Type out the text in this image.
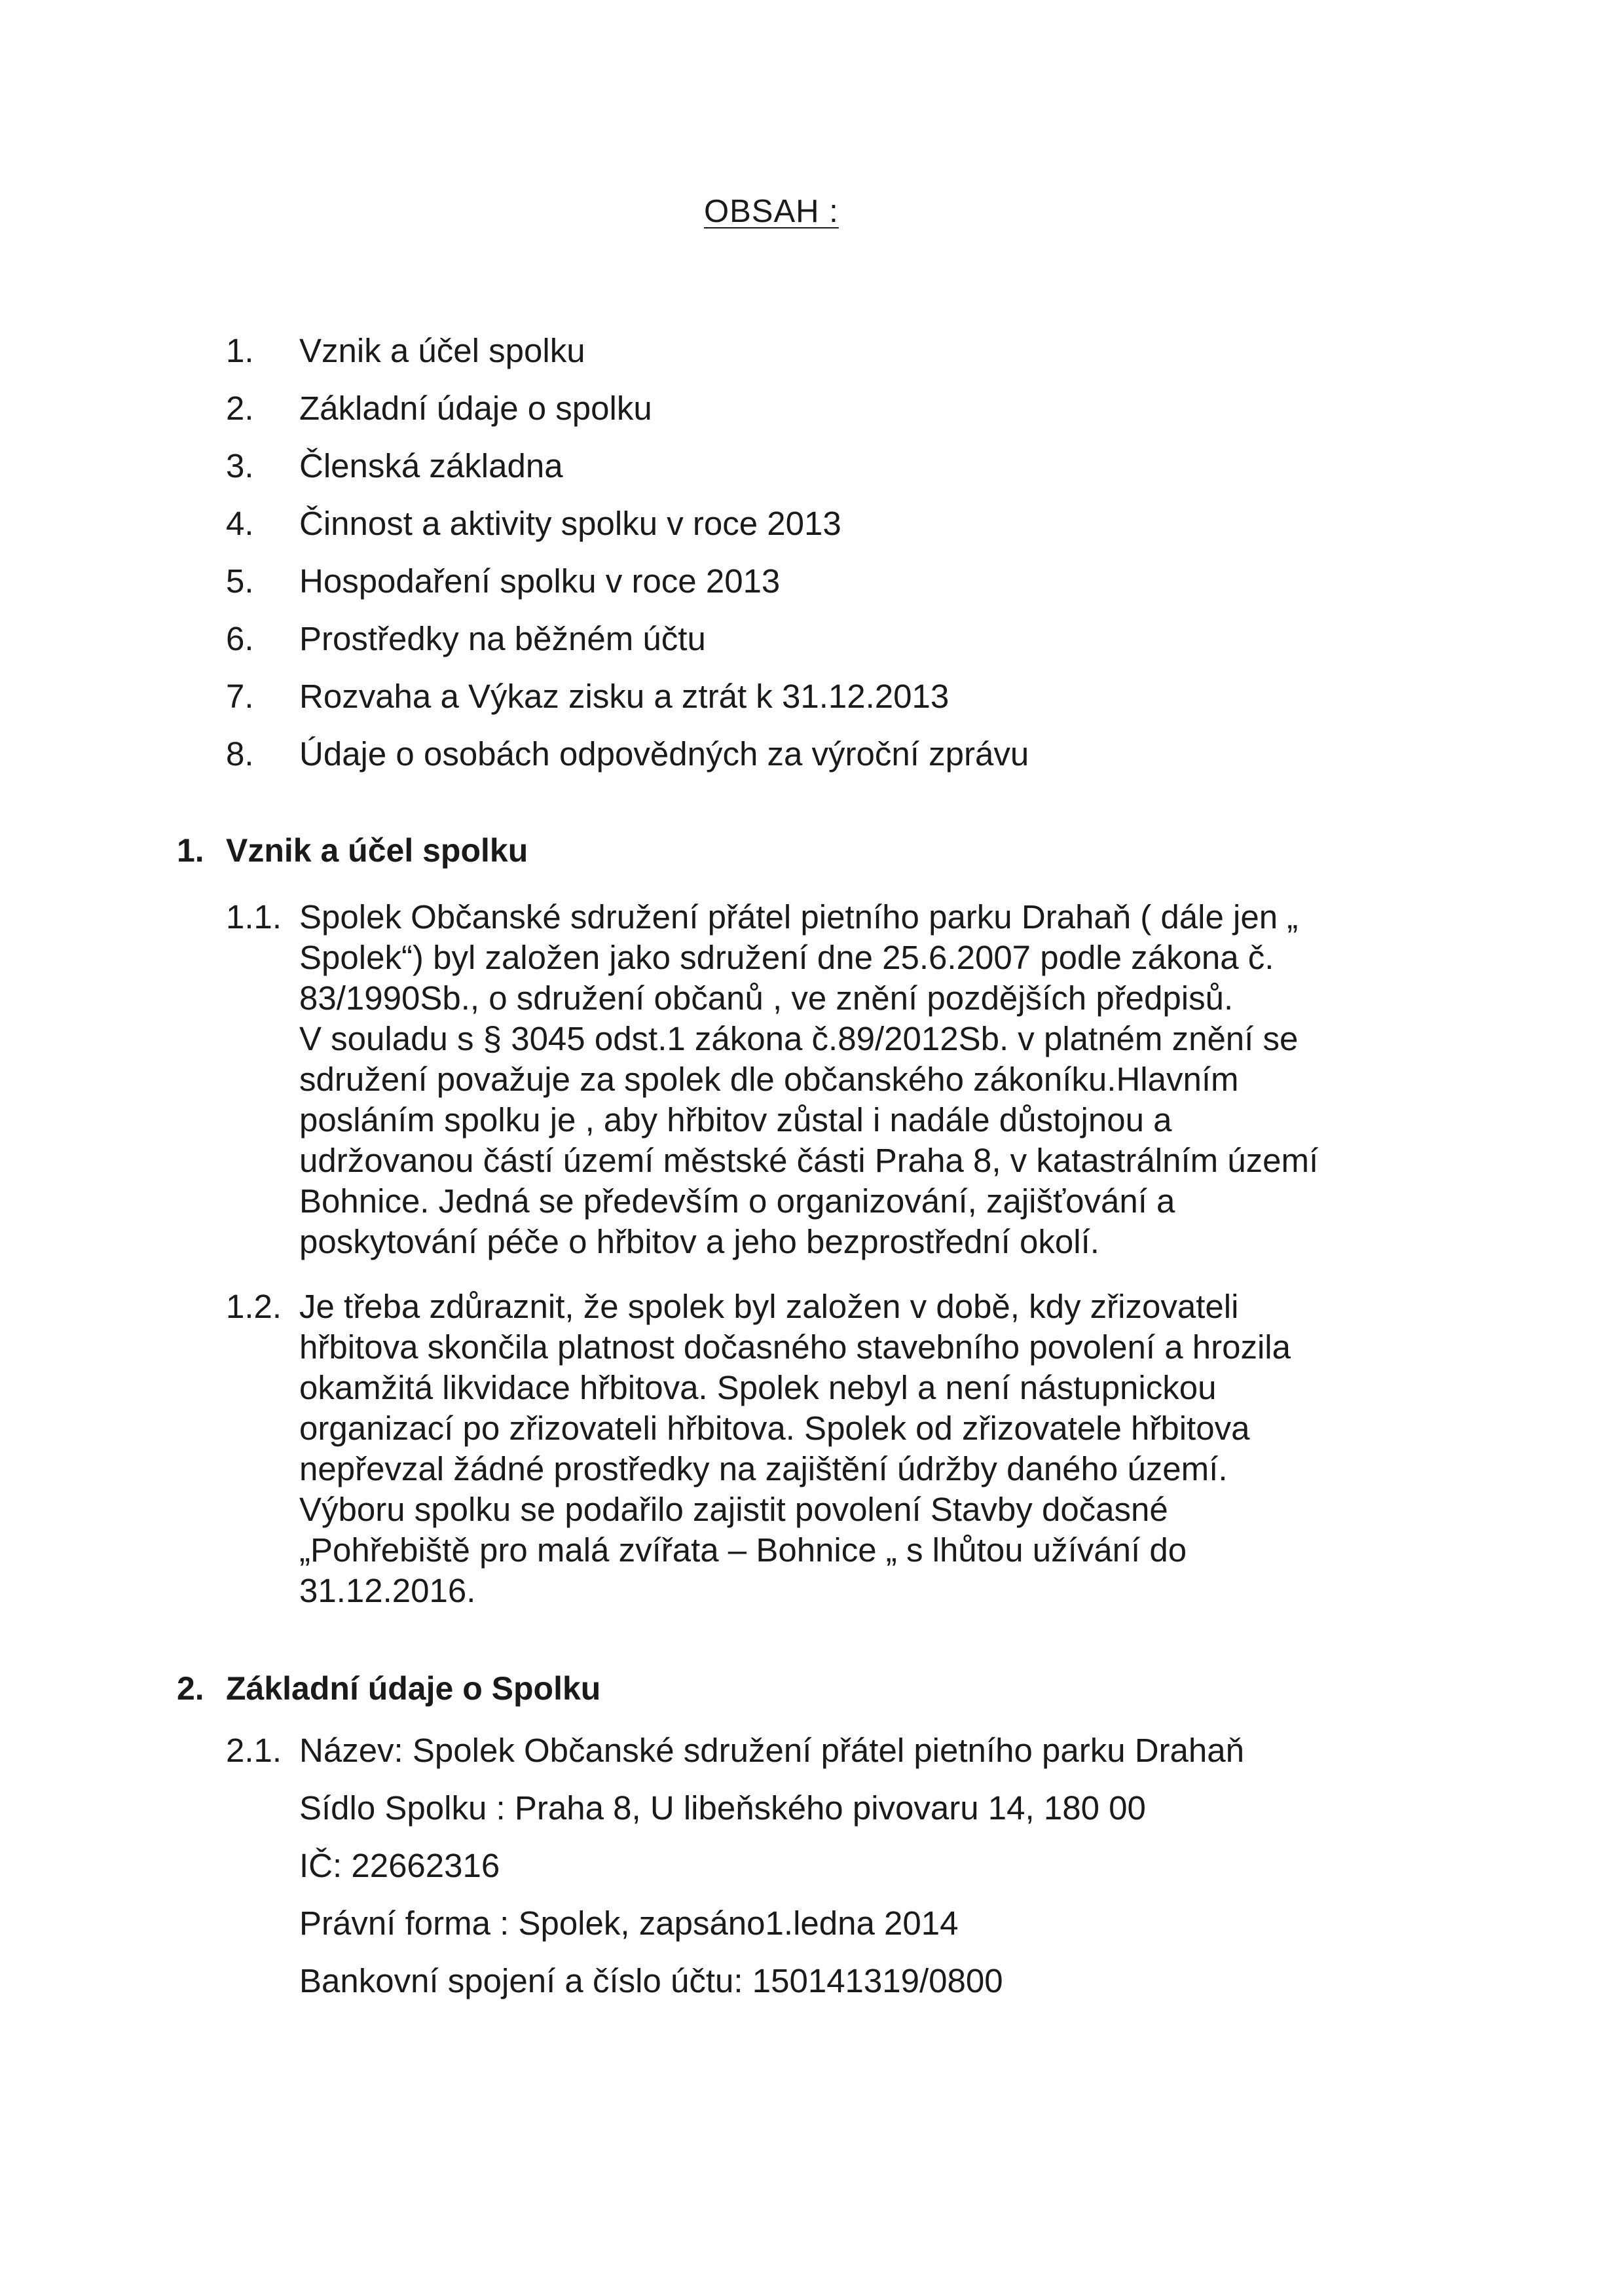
OBSAH :
1. Vznik a účel spolku
2. Základní údaje o spolku
3. Členská základna
4. Činnost a aktivity spolku v roce 2013
5. Hospodaření spolku v roce 2013
6. Prostředky na běžném účtu
7. Rozvaha a Výkaz zisku a ztrát k 31.12.2013
8. Údaje o osobách odpovědných za výroční zprávu
1. Vznik a účel spolku
1.1. Spolek Občanské sdružení přátel pietního parku Drahaň ( dále jen „
Spolek“) byl založen jako sdružení dne 25.6.2007 podle zákona č.
83/1990Sb., o sdružení občanů , ve znění pozdějších předpisů.
V souladu s § 3045 odst.1 zákona č.89/2012Sb. v platném znění se
sdružení považuje za spolek dle občanského zákoníku.Hlavním
posláním spolku je , aby hřbitov zůstal i nadále důstojnou a
udržovanou částí území městské části Praha 8, v katastrálním území
Bohnice. Jedná se především o organizování, zajišťování a
poskytování péče o hřbitov a jeho bezprostřední okolí.
1.2. Je třeba zdůraznit, že spolek byl založen v době, kdy zřizovateli
hřbitova skončila platnost dočasného stavebního povolení a hrozila
okamžitá likvidace hřbitova. Spolek nebyl a není nástupnickou
organizací po zřizovateli hřbitova. Spolek od zřizovatele hřbitova
nepřevzal žádné prostředky na zajištění údržby daného území.
Výboru spolku se podařilo zajistit povolení Stavby dočasné
„Pohřebiště pro malá zvířata – Bohnice „ s lhůtou užívání do
31.12.2016.
2. Základní údaje o Spolku
2.1. Název: Spolek Občanské sdružení přátel pietního parku Drahaň
Sídlo Spolku : Praha 8, U libeňského pivovaru 14, 180 00
IČ: 22662316
Právní forma : Spolek, zapsáno1.ledna 2014
Bankovní spojení a číslo účtu: 150141319/0800
